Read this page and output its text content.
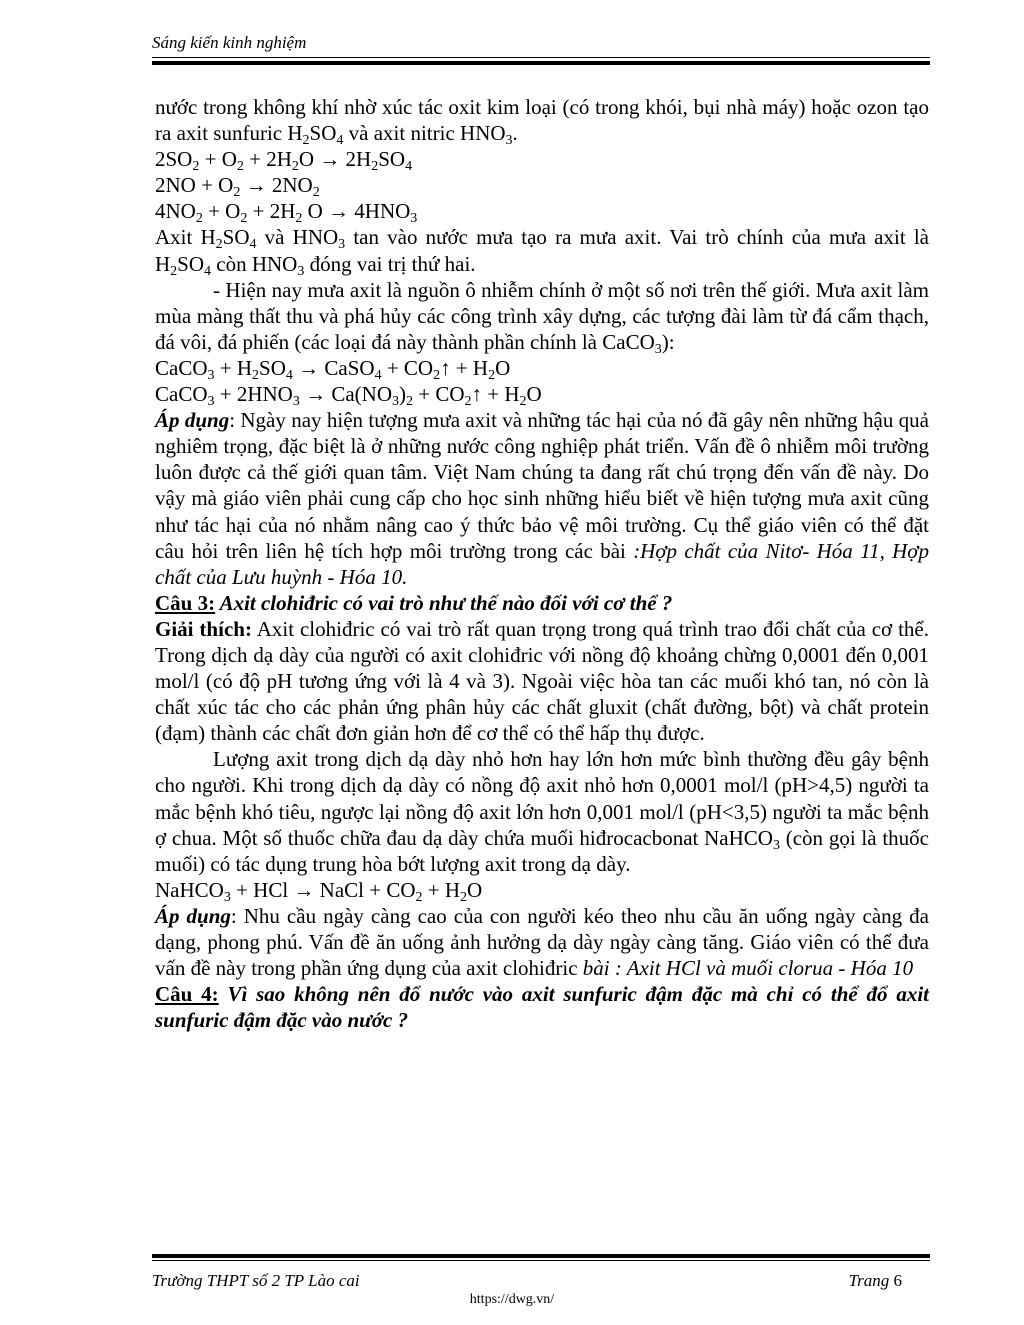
Sáng kiến kinh nghiệm

nước trong không khí nhờ xúc tác oxit kim loại (có trong khói, bụi nhà máy) hoặc ozon tạo ra axit sunfuric $H_2SO_4$ và axit nitric $HNO_3$.

$2SO_2 + O_2 + 2H_2O \to 2H_2SO_4$

$2NO + O_2 \to 2NO_2$

$4NO_2 + O_2 + 2H_2$ $O \to 4HNO_3$

Axit $H_2SO_4$ và $HNO_3$ tan vào nước mưa tạo ra mưa axit. Vai trò chính của mưa axit là $H_2SO_4$ còn $HNO_3$ đóng vai trị thứ hai.

- Hiện nay mưa axit là nguồn ô nhiễm chính ở một số nơi trên thế giới. Mưa axit làm mùa màng thất thu và phá hủy các công trình xây dựng, các tượng đài làm từ đá cẩm thạch, đá vôi, đá phiến (các loại đá này thành phần chính là CaCO$_3$):

CaCO$_3$ + $H_2SO_4$ → CaSO$_4$ + $CO_2↑ + H_2O$

CaCO$_3$ + $2HNO_3 \to Ca(NO_3)_2$ + $CO_2↑ + H_2O$

Áp dụng: Ngày nay hiện tượng mưa axit và những tác hại của nó đã gây nên những hậu quả nghiêm trọng, đặc biệt là ở những nước công nghiệp phát triển. Vấn đề ô nhiễm môi trường luôn được cả thế giới quan tâm. Việt Nam chúng ta đang rất chú trọng đến vấn đề này. Do vậy mà giáo viên phải cung cấp cho học sinh những hiểu biết về hiện tượng mưa axit cũng như tác hại của nó nhằm nâng cao ý thức bảo vệ môi trường. Cụ thể giáo viên có thể đặt câu hỏi trên liên hệ tích hợp môi trường trong các bài :Hợp chất của Nitơ- Hóa 11, Hợp chất của Lưu huỳnh - Hóa 10.

Câu 3: Axit clohiđric có vai trò như thế nào đối với cơ thể ?

Giải thích: Axit clohiđric có vai trò rất quan trọng trong quá trình trao đổi chất của cơ thể. Trong dịch dạ dày của người có axit clohiđric với nồng độ khoảng chừng 0,0001 đến 0,001 mol/l (có độ pH tương ứng với là 4 và 3). Ngoài việc hòa tan các muối khó tan, nó còn là chất xúc tác cho các phản ứng phân hủy các chất gluxit (chất đường, bột) và chất protein (đạm) thành các chất đơn giản hơn để cơ thể có thể hấp thụ được.

Lượng axit trong dịch dạ dày nhỏ hơn hay lớn hơn mức bình thường đều gây bệnh cho người. Khi trong dịch dạ dày có nồng độ axit nhỏ hơn 0,0001 mol/l (pH>4,5) người ta mắc bệnh khó tiêu, ngược lại nồng độ axit lớn hơn 0,001 mol/l (pH<3,5) người ta mắc bệnh ợ chua. Một số thuốc chữa đau dạ dày chứa muối hiđrocacbonat NaHCO$_3$ (còn gọi là thuốc muối) có tác dụng trung hòa bớt lượng axit trong dạ dày.

NaHCO$_3$ + HCl → NaCl + $CO_2 + H_2O$

Áp dụng: Nhu cầu ngày càng cao của con người kéo theo nhu cầu ăn uống ngày càng đa dạng, phong phú. Vấn đề ăn uống ảnh hưởng dạ dày ngày càng tăng. Giáo viên có thể đưa vấn đề này trong phần ứng dụng của axit clohiđric bài : Axit HCl và muối clorua - Hóa 10

Câu 4: Vì sao không nên đổ nước vào axit sunfuric đậm đặc mà chỉ có thể đổ axit sunfuric đậm đặc vào nước ?

Trường THPT số 2 TP Lào cai	Trang 6
https://dwg.vn/
